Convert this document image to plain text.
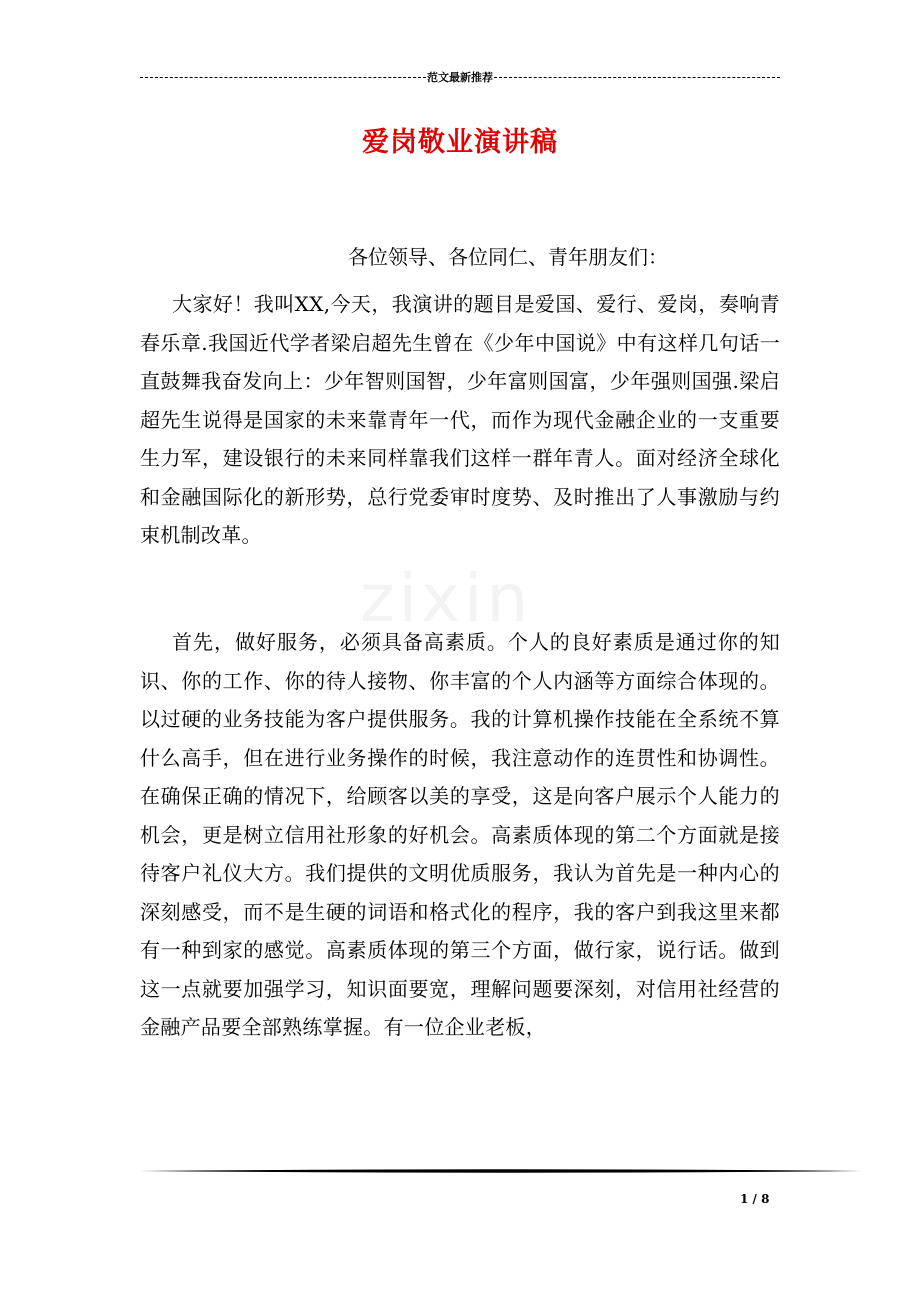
范文最新推荐
爱岗敬业演讲稿
zixin
各位领导、各位同仁、青年朋友们：
大家好！我叫XX,今天，我演讲的题目是爱国、爱行、爱岗，奏响青春乐章.我国近代学者梁启超先生曾在《少年中国说》中有这样几句话一直鼓舞我奋发向上：少年智则国智，少年富则国富，少年强则国强.梁启超先生说得是国家的未来靠青年一代，而作为现代金融企业的一支重要生力军，建设银行的未来同样靠我们这样一群年青人。面对经济全球化和金融国际化的新形势，总行党委审时度势、及时推出了人事激励与约束机制改革。
首先，做好服务，必须具备高素质。个人的良好素质是通过你的知识、你的工作、你的待人接物、你丰富的个人内涵等方面综合体现的。以过硬的业务技能为客户提供服务。我的计算机操作技能在全系统不算什么高手，但在进行业务操作的时候，我注意动作的连贯性和协调性。在确保正确的情况下，给顾客以美的享受，这是向客户展示个人能力的机会，更是树立信用社形象的好机会。高素质体现的第二个方面就是接待客户礼仪大方。我们提供的文明优质服务，我认为首先是一种内心的深刻感受，而不是生硬的词语和格式化的程序，我的客户到我这里来都有一种到家的感觉。高素质体现的第三个方面，做行家，说行话。做到这一点就要加强学习，知识面要宽，理解问题要深刻，对信用社经营的金融产品要全部熟练掌握。有一位企业老板，
1 / 8
